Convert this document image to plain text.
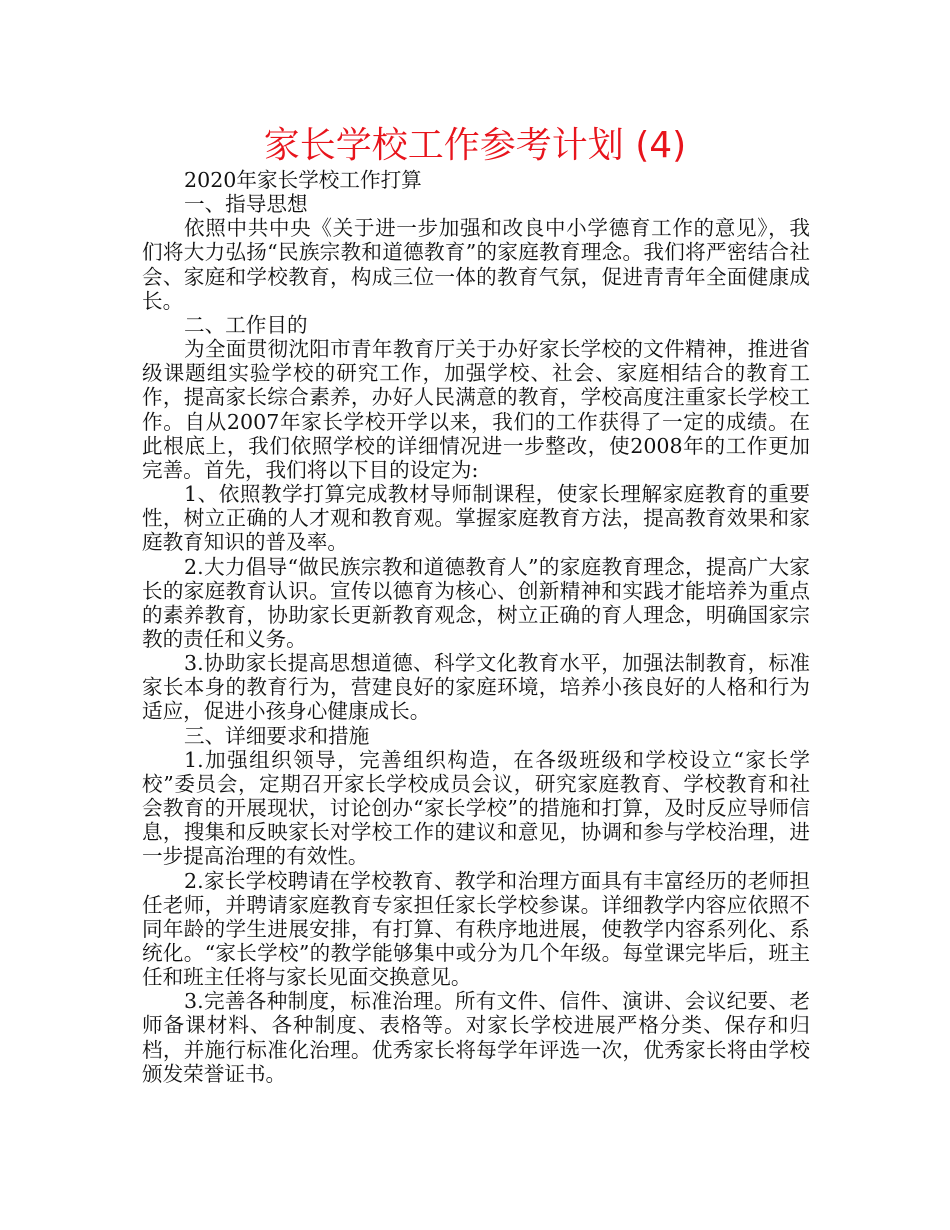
家长学校工作参考计划 (4)

2020年家长学校工作打算

一、指导思想

依照中共中央《关于进一步加强和改良中小学德育工作的意见》，我们将大力弘扬“民族宗教和道德教育”的家庭教育理念。我们将严密结合社会、家庭和学校教育，构成三位一体的教育气氛，促进青青年全面健康成长。

二、工作目的

为全面贯彻沈阳市青年教育厅关于办好家长学校的文件精神，推进省级课题组实验学校的研究工作，加强学校、社会、家庭相结合的教育工作，提高家长综合素养，办好人民满意的教育，学校高度注重家长学校工作。自从2007年家长学校开学以来，我们的工作获得了一定的成绩。在此根底上，我们依照学校的详细情况进一步整改，使2008年的工作更加完善。首先，我们将以下目的设定为:

1、依照教学打算完成教材导师制课程，使家长理解家庭教育的重要性，树立正确的人才观和教育观。掌握家庭教育方法，提高教育效果和家庭教育知识的普及率。

2.大力倡导“做民族宗教和道德教育人”的家庭教育理念，提高广大家长的家庭教育认识。宣传以德育为核心、创新精神和实践才能培养为重点的素养教育，协助家长更新教育观念，树立正确的育人理念，明确国家宗教的责任和义务。

3.协助家长提高思想道德、科学文化教育水平，加强法制教育，标准家长本身的教育行为，营建良好的家庭环境，培养小孩良好的人格和行为适应，促进小孩身心健康成长。

三、详细要求和措施

1.加强组织领导，完善组织构造，在各级班级和学校设立“家长学校”委员会，定期召开家长学校成员会议，研究家庭教育、学校教育和社会教育的开展现状，讨论创办“家长学校”的措施和打算，及时反应导师信息，搜集和反映家长对学校工作的建议和意见，协调和参与学校治理，进一步提高治理的有效性。

2.家长学校聘请在学校教育、教学和治理方面具有丰富经历的老师担任老师，并聘请家庭教育专家担任家长学校参谋。详细教学内容应依照不同年龄的学生进展安排，有打算、有秩序地进展，使教学内容系列化、系统化。“家长学校”的教学能够集中或分为几个年级。每堂课完毕后，班主任和班主任将与家长见面交换意见。

3.完善各种制度，标准治理。所有文件、信件、演讲、会议纪要、老师备课材料、各种制度、表格等。对家长学校进展严格分类、保存和归档，并施行标准化治理。优秀家长将每学年评选一次，优秀家长将由学校颁发荣誉证书。
